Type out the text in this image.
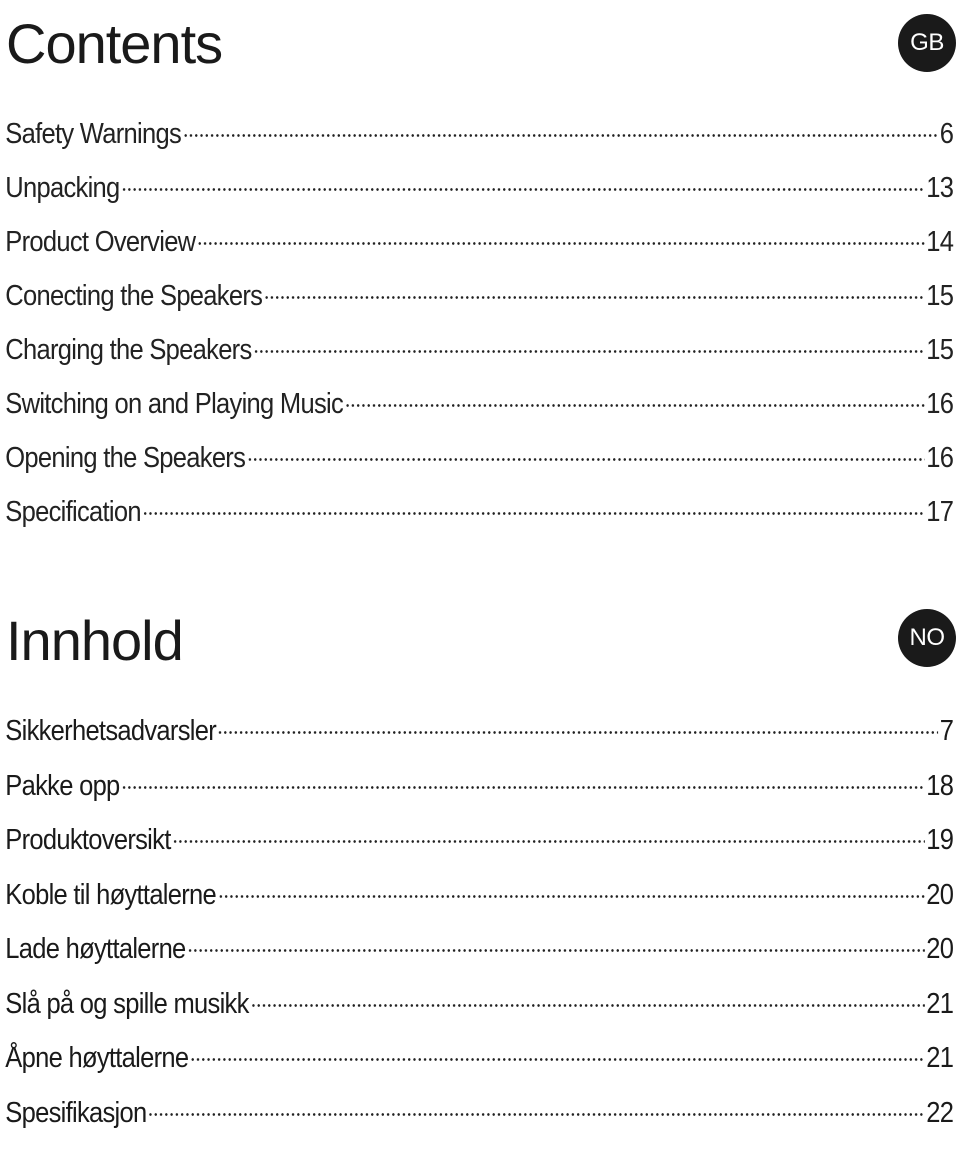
Contents	GB
Safety Warnings	6
Unpacking	13
Product Overview	14
Conecting the Speakers	15
Charging the Speakers	15
Switching on and Playing Music	16
Opening the Speakers	16
Specification	17
Innhold	NO
Sikkerhetsadvarsler	7
Pakke opp	18
Produktoversikt	19
Koble til høyttalerne	20
Lade høyttalerne	20
Slå på og spille musikk	21
Åpne høyttalerne	21
Spesifikasjon	22
